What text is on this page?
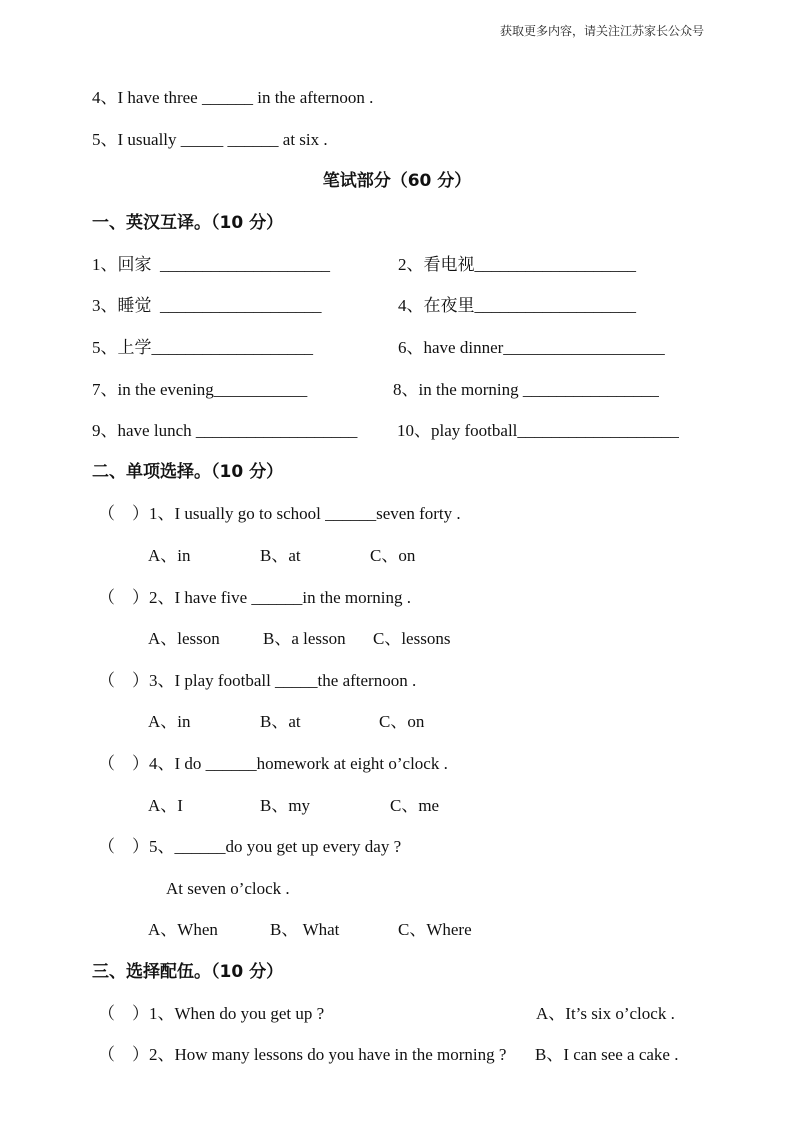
获取更多内容，请关注江苏家长公众号
4、I have three ______ in the afternoon .
5、I usually _____ ______ at six .
笔试部分（60 分）
一、英汉互译。（10 分）
1、回家  ____________________	2、看电视___________________
3、睡觉  ___________________	4、在夜里___________________
5、上学___________________	6、have dinner___________________
7、in the evening___________	8、in the morning ________________
9、have lunch ___________________ 10、play football___________________
二、单项选择。（10 分）
（    ）1、I usually go to school ______seven forty .
A、in	B、at	C、on
（    ）2、I have five ______in the morning .
A、lesson	B、a lesson C、lessons
（    ）3、I play football _____the afternoon .
A、in	B、at	C、on
（    ）4、I do ______homework at eight o’clock .
A、I	B、my	C、me
（    ）5、______do you get up every day ?
At seven o’clock .
A、When	B、 What	C、Where
三、选择配伍。（10 分）
（    ）1、When do you get up ?	A、It’s six o’clock .
（    ）2、How many lessons do you have in the morning ? B、I can see a cake .
